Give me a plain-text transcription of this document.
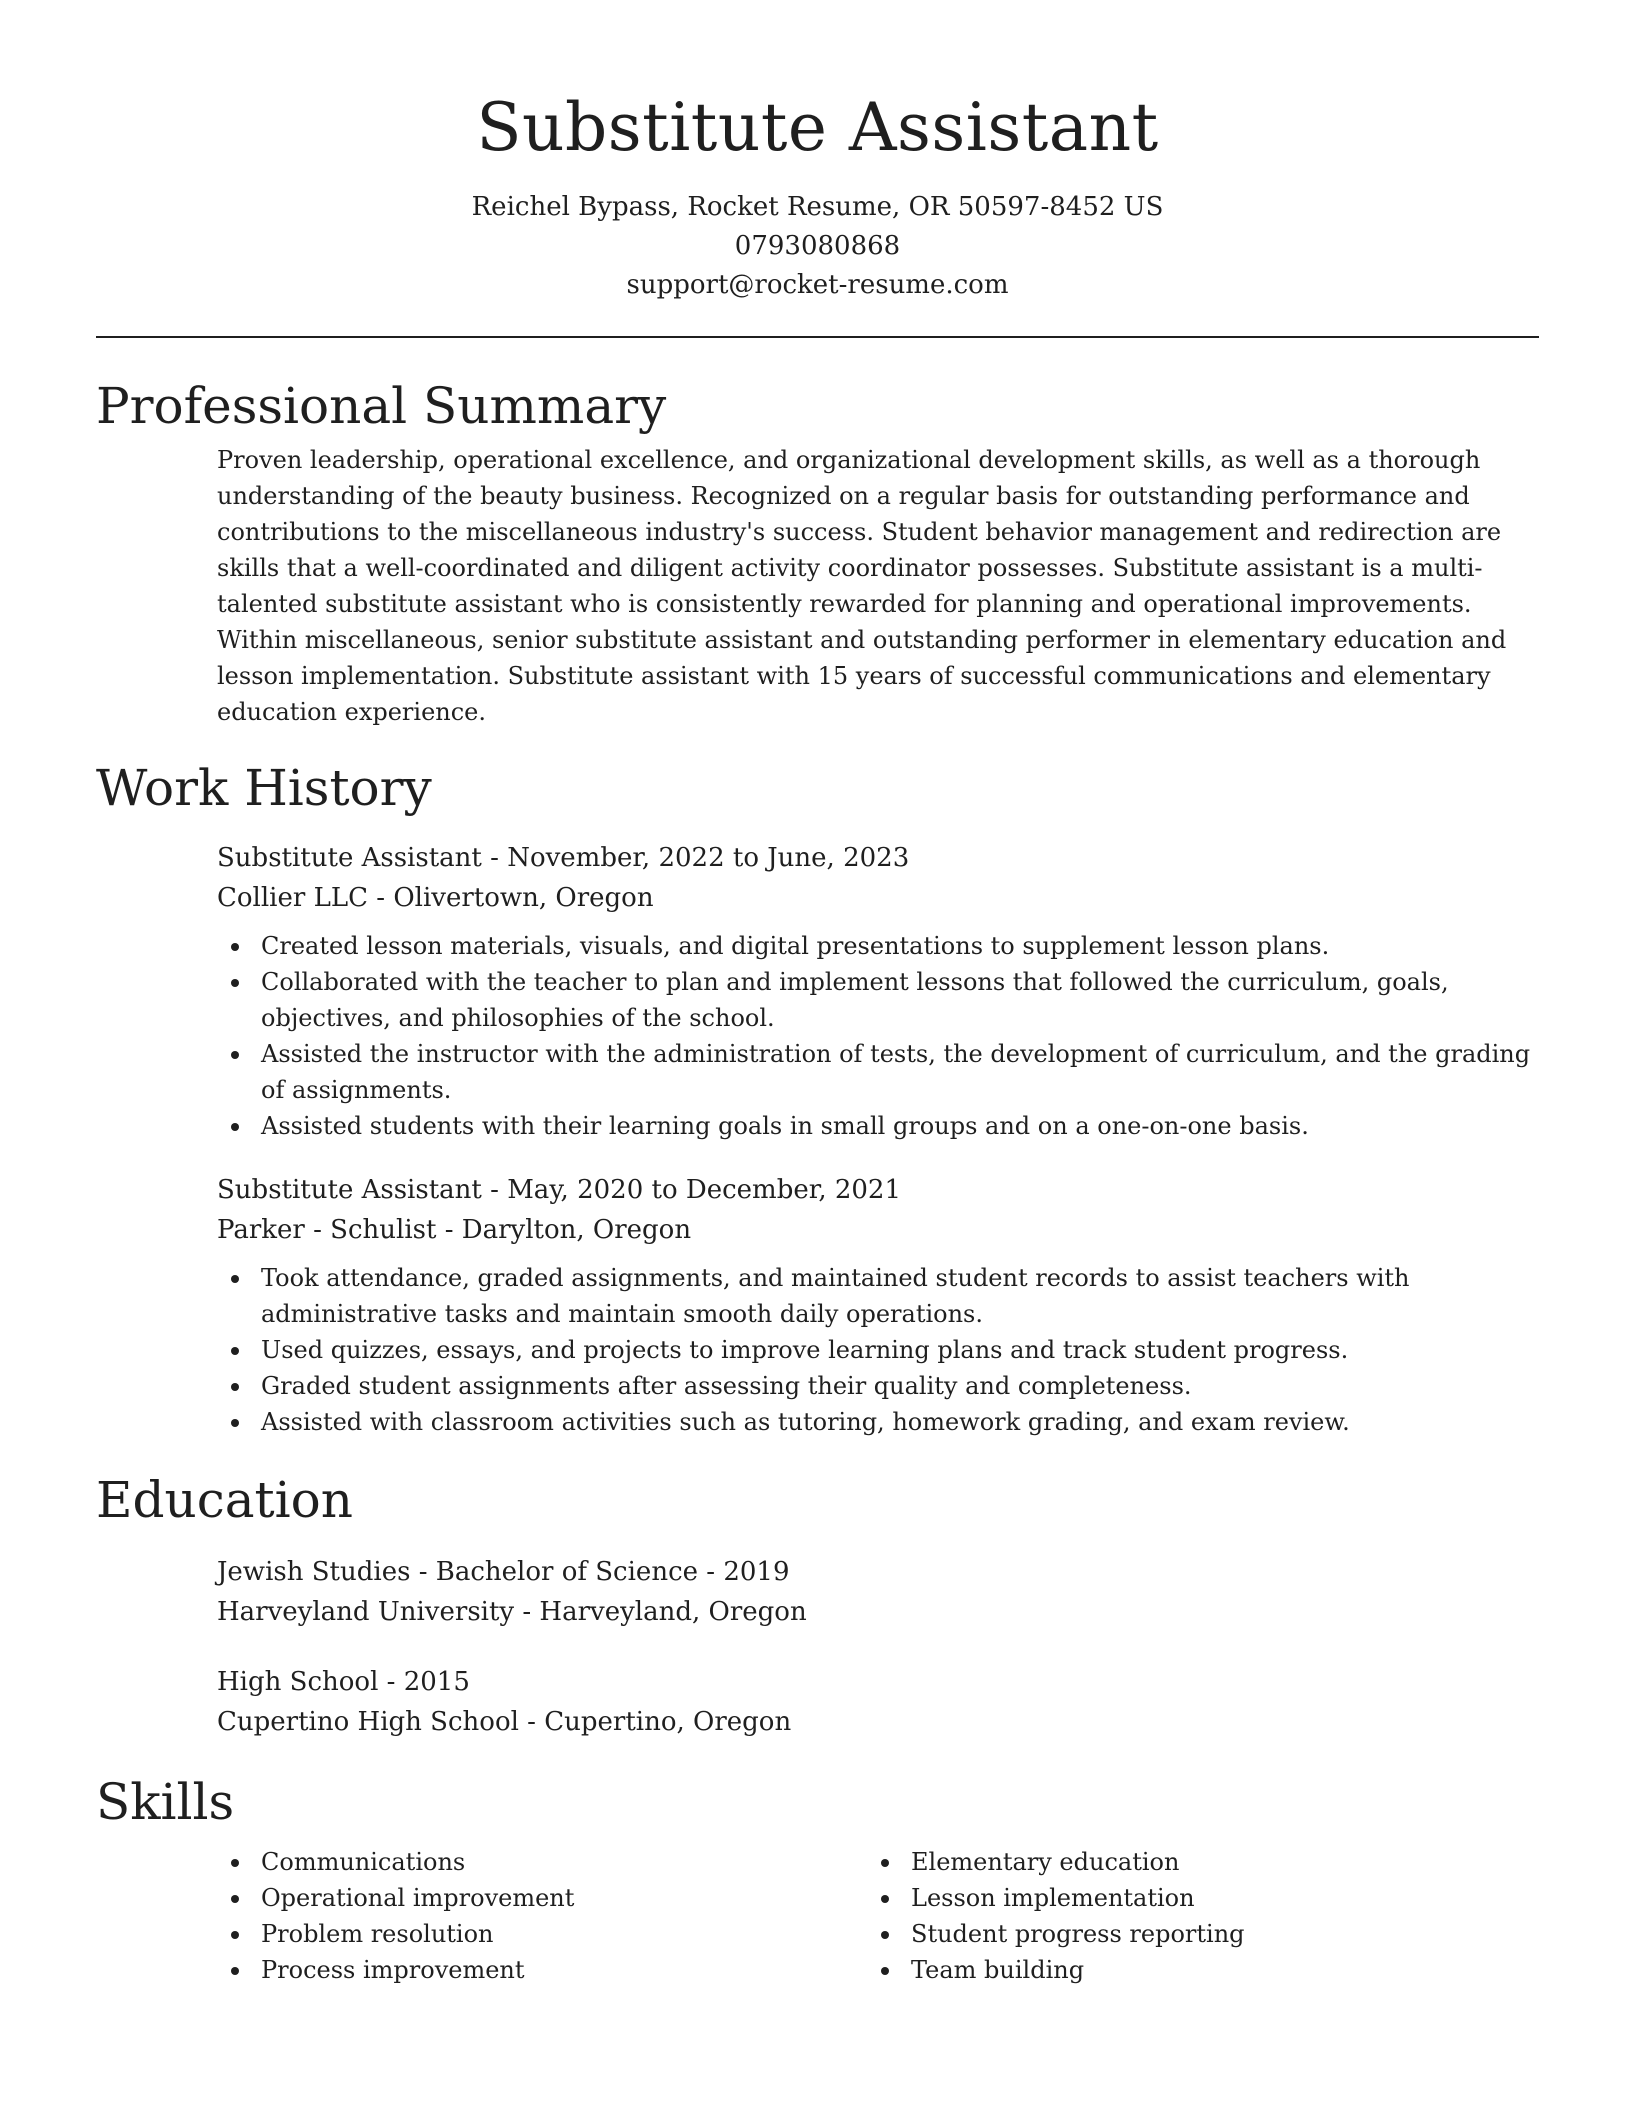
Substitute Assistant
Reichel Bypass, Rocket Resume, OR 50597-8452 US
0793080868
support@rocket-resume.com
Professional Summary

Proven leadership, operational excellence, and organizational development skills, as well as a thorough understanding of the beauty business. Recognized on a regular basis for outstanding performance and contributions to the miscellaneous industry's success. Student behavior management and redirection are skills that a well-coordinated and diligent activity coordinator possesses. Substitute assistant is a multi-talented substitute assistant who is consistently rewarded for planning and operational improvements. Within miscellaneous, senior substitute assistant and outstanding performer in elementary education and lesson implementation. Substitute assistant with 15 years of successful communications and elementary education experience.

Work History
Substitute Assistant - November, 2022 to June, 2023
Collier LLC - Olivertown, Oregon
Created lesson materials, visuals, and digital presentations to supplement lesson plans.
Collaborated with the teacher to plan and implement lessons that followed the curriculum, goals, objectives, and philosophies of the school.
Assisted the instructor with the administration of tests, the development of curriculum, and the grading of assignments.
Assisted students with their learning goals in small groups and on a one-on-one basis.
Substitute Assistant - May, 2020 to December, 2021
Parker - Schulist - Darylton, Oregon
Took attendance, graded assignments, and maintained student records to assist teachers with administrative tasks and maintain smooth daily operations.
Used quizzes, essays, and projects to improve learning plans and track student progress.
Graded student assignments after assessing their quality and completeness.
Assisted with classroom activities such as tutoring, homework grading, and exam review.
Education
Jewish Studies - Bachelor of Science - 2019
Harveyland University - Harveyland, Oregon
High School - 2015
Cupertino High School - Cupertino, Oregon
Skills
Communications
Operational improvement
Problem resolution
Process improvement
Elementary education
Lesson implementation
Student progress reporting
Team building
